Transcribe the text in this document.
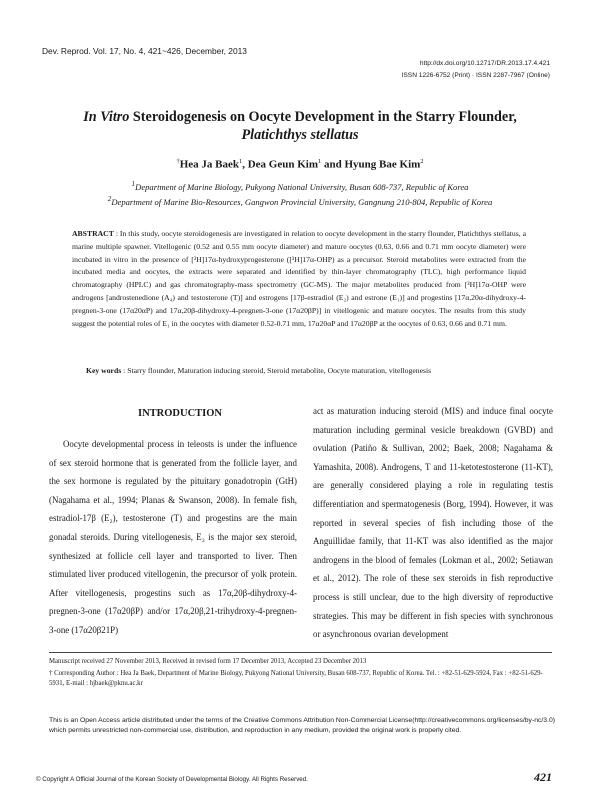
Dev. Reprod. Vol. 17, No. 4, 421~426, December, 2013
http://dx.doi.org/10.12717/DR.2013.17.4.421
ISSN 1226-6752 (Print) · ISSN 2287-7967 (Online)
In Vitro Steroidogenesis on Oocyte Development in the Starry Flounder,
Platichthys stellatus
†Hea Ja Baek$^1$, Dea Geun Kim$^1$ and Hyung Bae Kim$^2$
$^1$Department of Marine Biology, Pukyong National University, Busan 608-737, Republic of Korea
$^2$Department of Marine Bio-Resources, Gangwon Provincial University, Gangnung 210-804, Republic of Korea
ABSTRACT : In this study, oocyte steroidogenesis are investigated in relation to oocyte development in the starry flounder, Platichthys stellatus, a marine multiple spawner. Vitellogenic (0.52 and 0.55 mm oocyte diameter) and mature oocytes (0.63, 0.66 and 0.71 mm oocyte diameter) were incubated in vitro in the presence of [³H]17α-hydroxyprogesterone ([³H]17α-OHP) as a precursor. Steroid metabolites were extracted from the incubated media and oocytes, the extracts were separated and identified by thin-layer chromatography (TLC), high performance liquid chromatography (HPLC) and gas chromatography-mass spectrometry (GC-MS). The major metabolites produced from [³H]17α-OHP were androgens [androstenedione (A₄) and testosterone (T)] and estrogens [17β-estradiol (E₂) and estrone (E₁)] and progestins [17α,20α-dihydroxy-4-pregnen-3-one (17α20αP) and 17α,20β-dihydroxy-4-pregnen-3-one (17α20βP)] in vitellogenic and mature oocytes. The results from this study suggest the potential roles of E₁ in the oocytes with diameter 0.52-0.71 mm, 17α20αP and 17α20βP at the oocytes of 0.63, 0.66 and 0.71 mm.
Key words : Starry flounder, Maturation inducing steroid, Steroid metabolite, Oocyte maturation, vitellogenesis
INTRODUCTION
Oocyte developmental process in teleosts is under the influence of sex steroid hormone that is generated from the follicle layer, and the sex hormone is regulated by the pituitary gonadotropin (GtH) (Nagahama et al., 1994; Planas & Swanson, 2008). In female fish, estradiol-17β (E₂), testosterone (T) and progestins are the main gonadal steroids. During vitellogenesis, E₂ is the major sex steroid, synthesized at follicle cell layer and transported to liver. Then stimulated liver produced vitellogenin, the precursor of yolk protein. After vitellogenesis, progestins such as 17α,20β-dihydroxy-4-pregnen-3-one (17α20βP) and/or 17α,20β,21-trihydroxy-4-pregnen-3-one (17α20β21P)
act as maturation inducing steroid (MIS) and induce final oocyte maturation including germinal vesicle breakdown (GVBD) and ovulation (Patiño & Sullivan, 2002; Baek, 2008; Nagahama & Yamashita, 2008). Androgens, T and 11-ketotestosterone (11-KT), are generally considered playing a role in regulating testis differentiation and spermatogenesis (Borg, 1994). However, it was reported in several species of fish including those of the Anguillidae family, that 11-KT was also identified as the major androgens in the blood of females (Lokman et al., 2002; Setiawan et al., 2012). The role of these sex steroids in fish reproductive process is still unclear, due to the high diversity of reproductive strategies. This may be different in fish species with synchronous or asynchronous ovarian development
Manuscript received 27 November 2013, Received in revised form 17 December 2013, Accepted 23 December 2013
† Corresponding Author : Hea Ja Baek, Department of Marine Biology, Pukyong National University, Busan 608-737, Republic of Korea. Tel. : +82-51-629-5924, Fax : +82-51-629-5931, E-mail : hjbaek@pknu.ac.kr
This is an Open Access article distributed under the terms of the Creative Commons Attribution Non-Commercial License(http://creativecommons.org/licenses/by-nc/3.0) which permits unrestricted non-commercial use, distribution, and reproduction in any medium, provided the original work is properly cited.
© Copyright A Official Journal of the Korean Society of Developmental Biology. All Rights Reserved.	421
